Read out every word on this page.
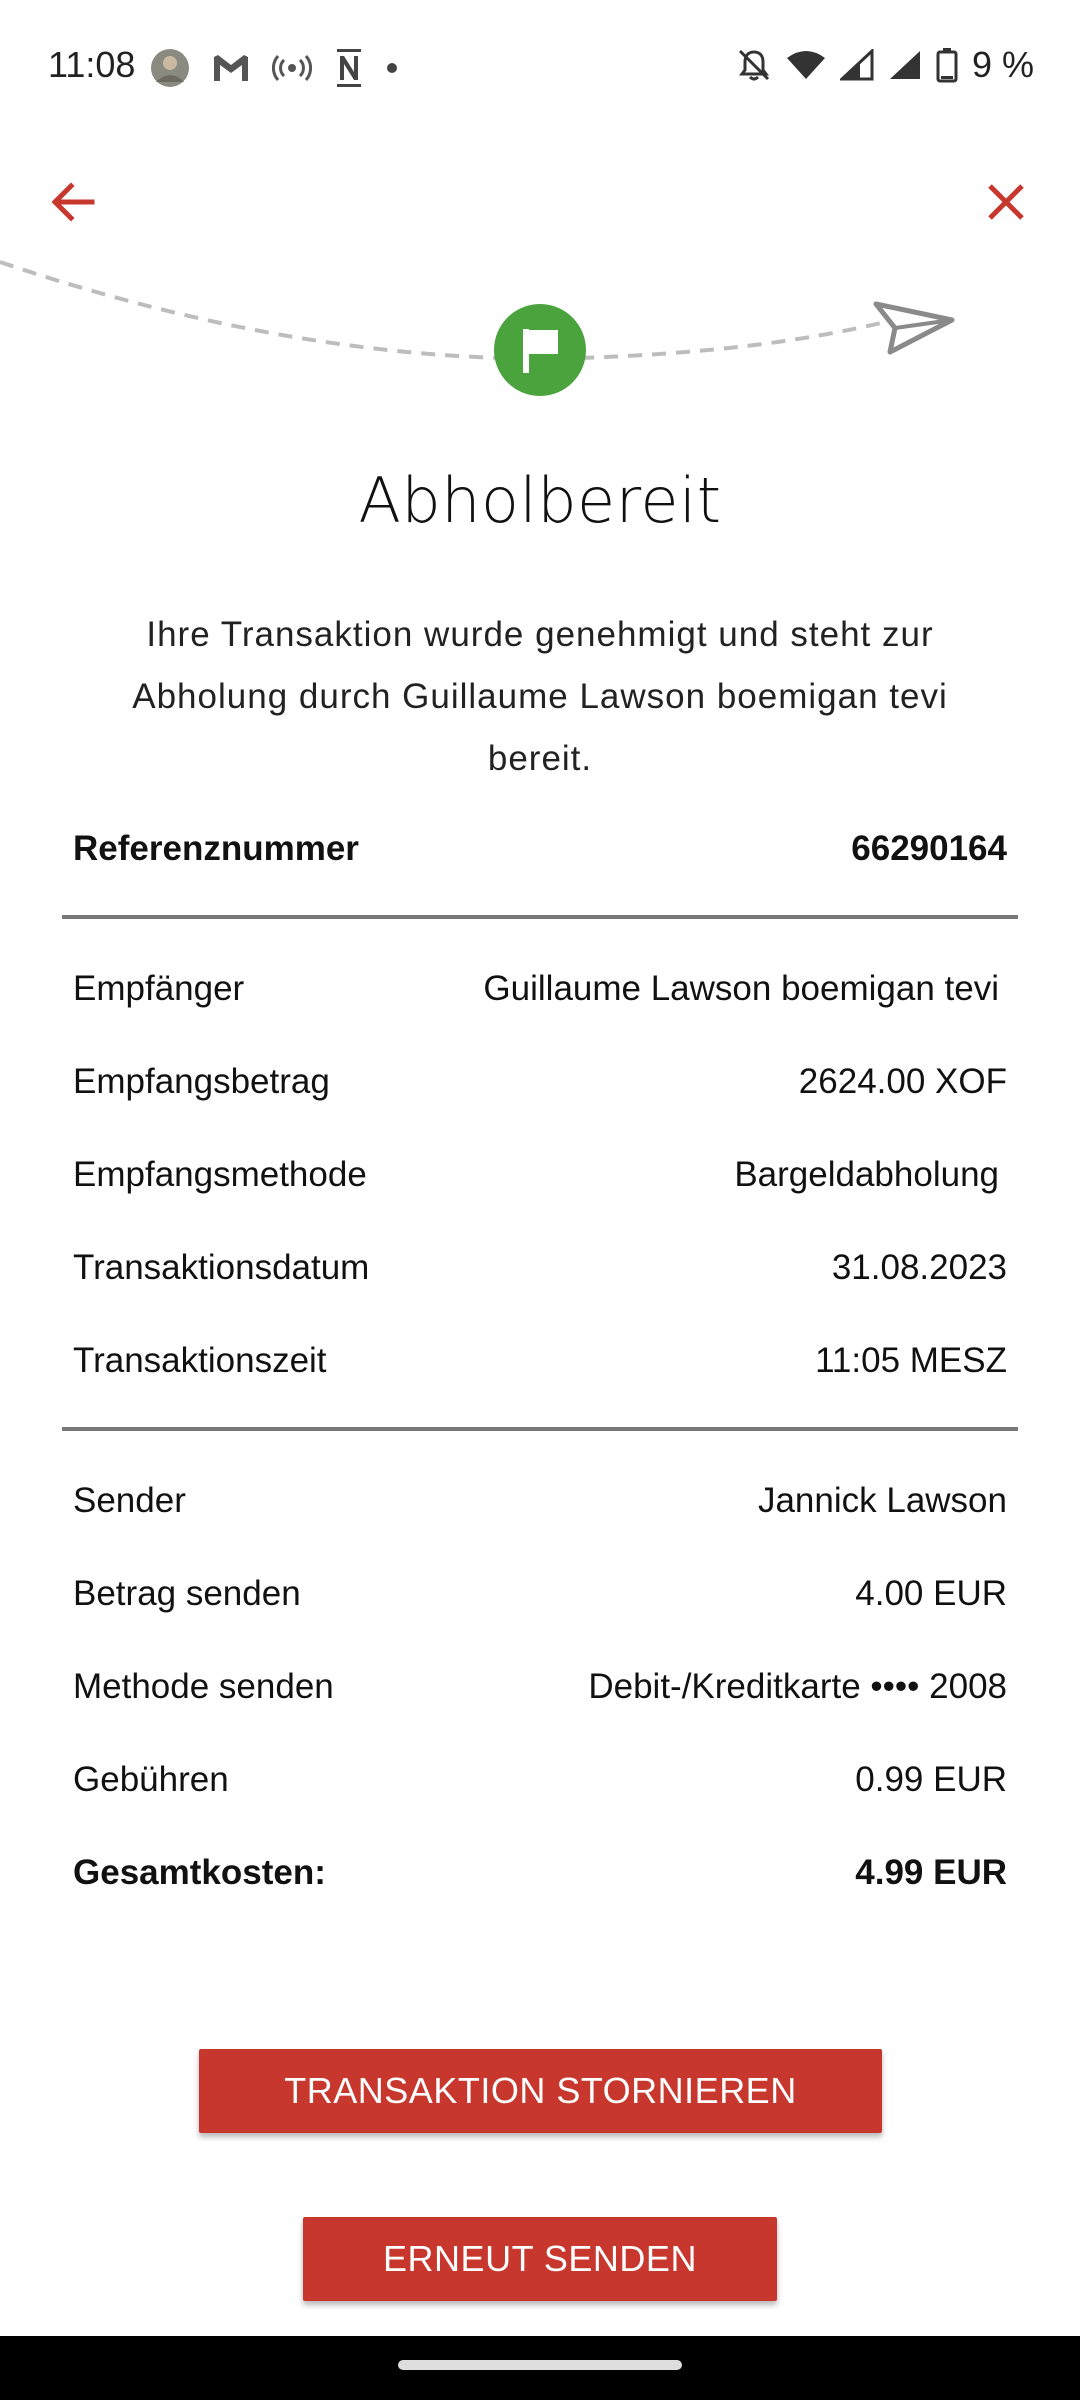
11:08	9 %
Abholbereit
Ihre Transaktion wurde genehmigt und steht zur Abholung durch Guillaume Lawson boemigan tevi bereit.
Referenznummer	66290164
Empfänger	Guillaume Lawson boemigan tevi
Empfangsbetrag	2624.00 XOF
Empfangsmethode	Bargeldabholung
Transaktionsdatum	31.08.2023
Transaktionszeit	11:05 MESZ
Sender	Jannick Lawson
Betrag senden	4.00 EUR
Methode senden	Debit-/Kreditkarte •••• 2008
Gebühren	0.99 EUR
Gesamtkosten:	4.99 EUR
TRANSAKTION STORNIEREN
ERNEUT SENDEN
